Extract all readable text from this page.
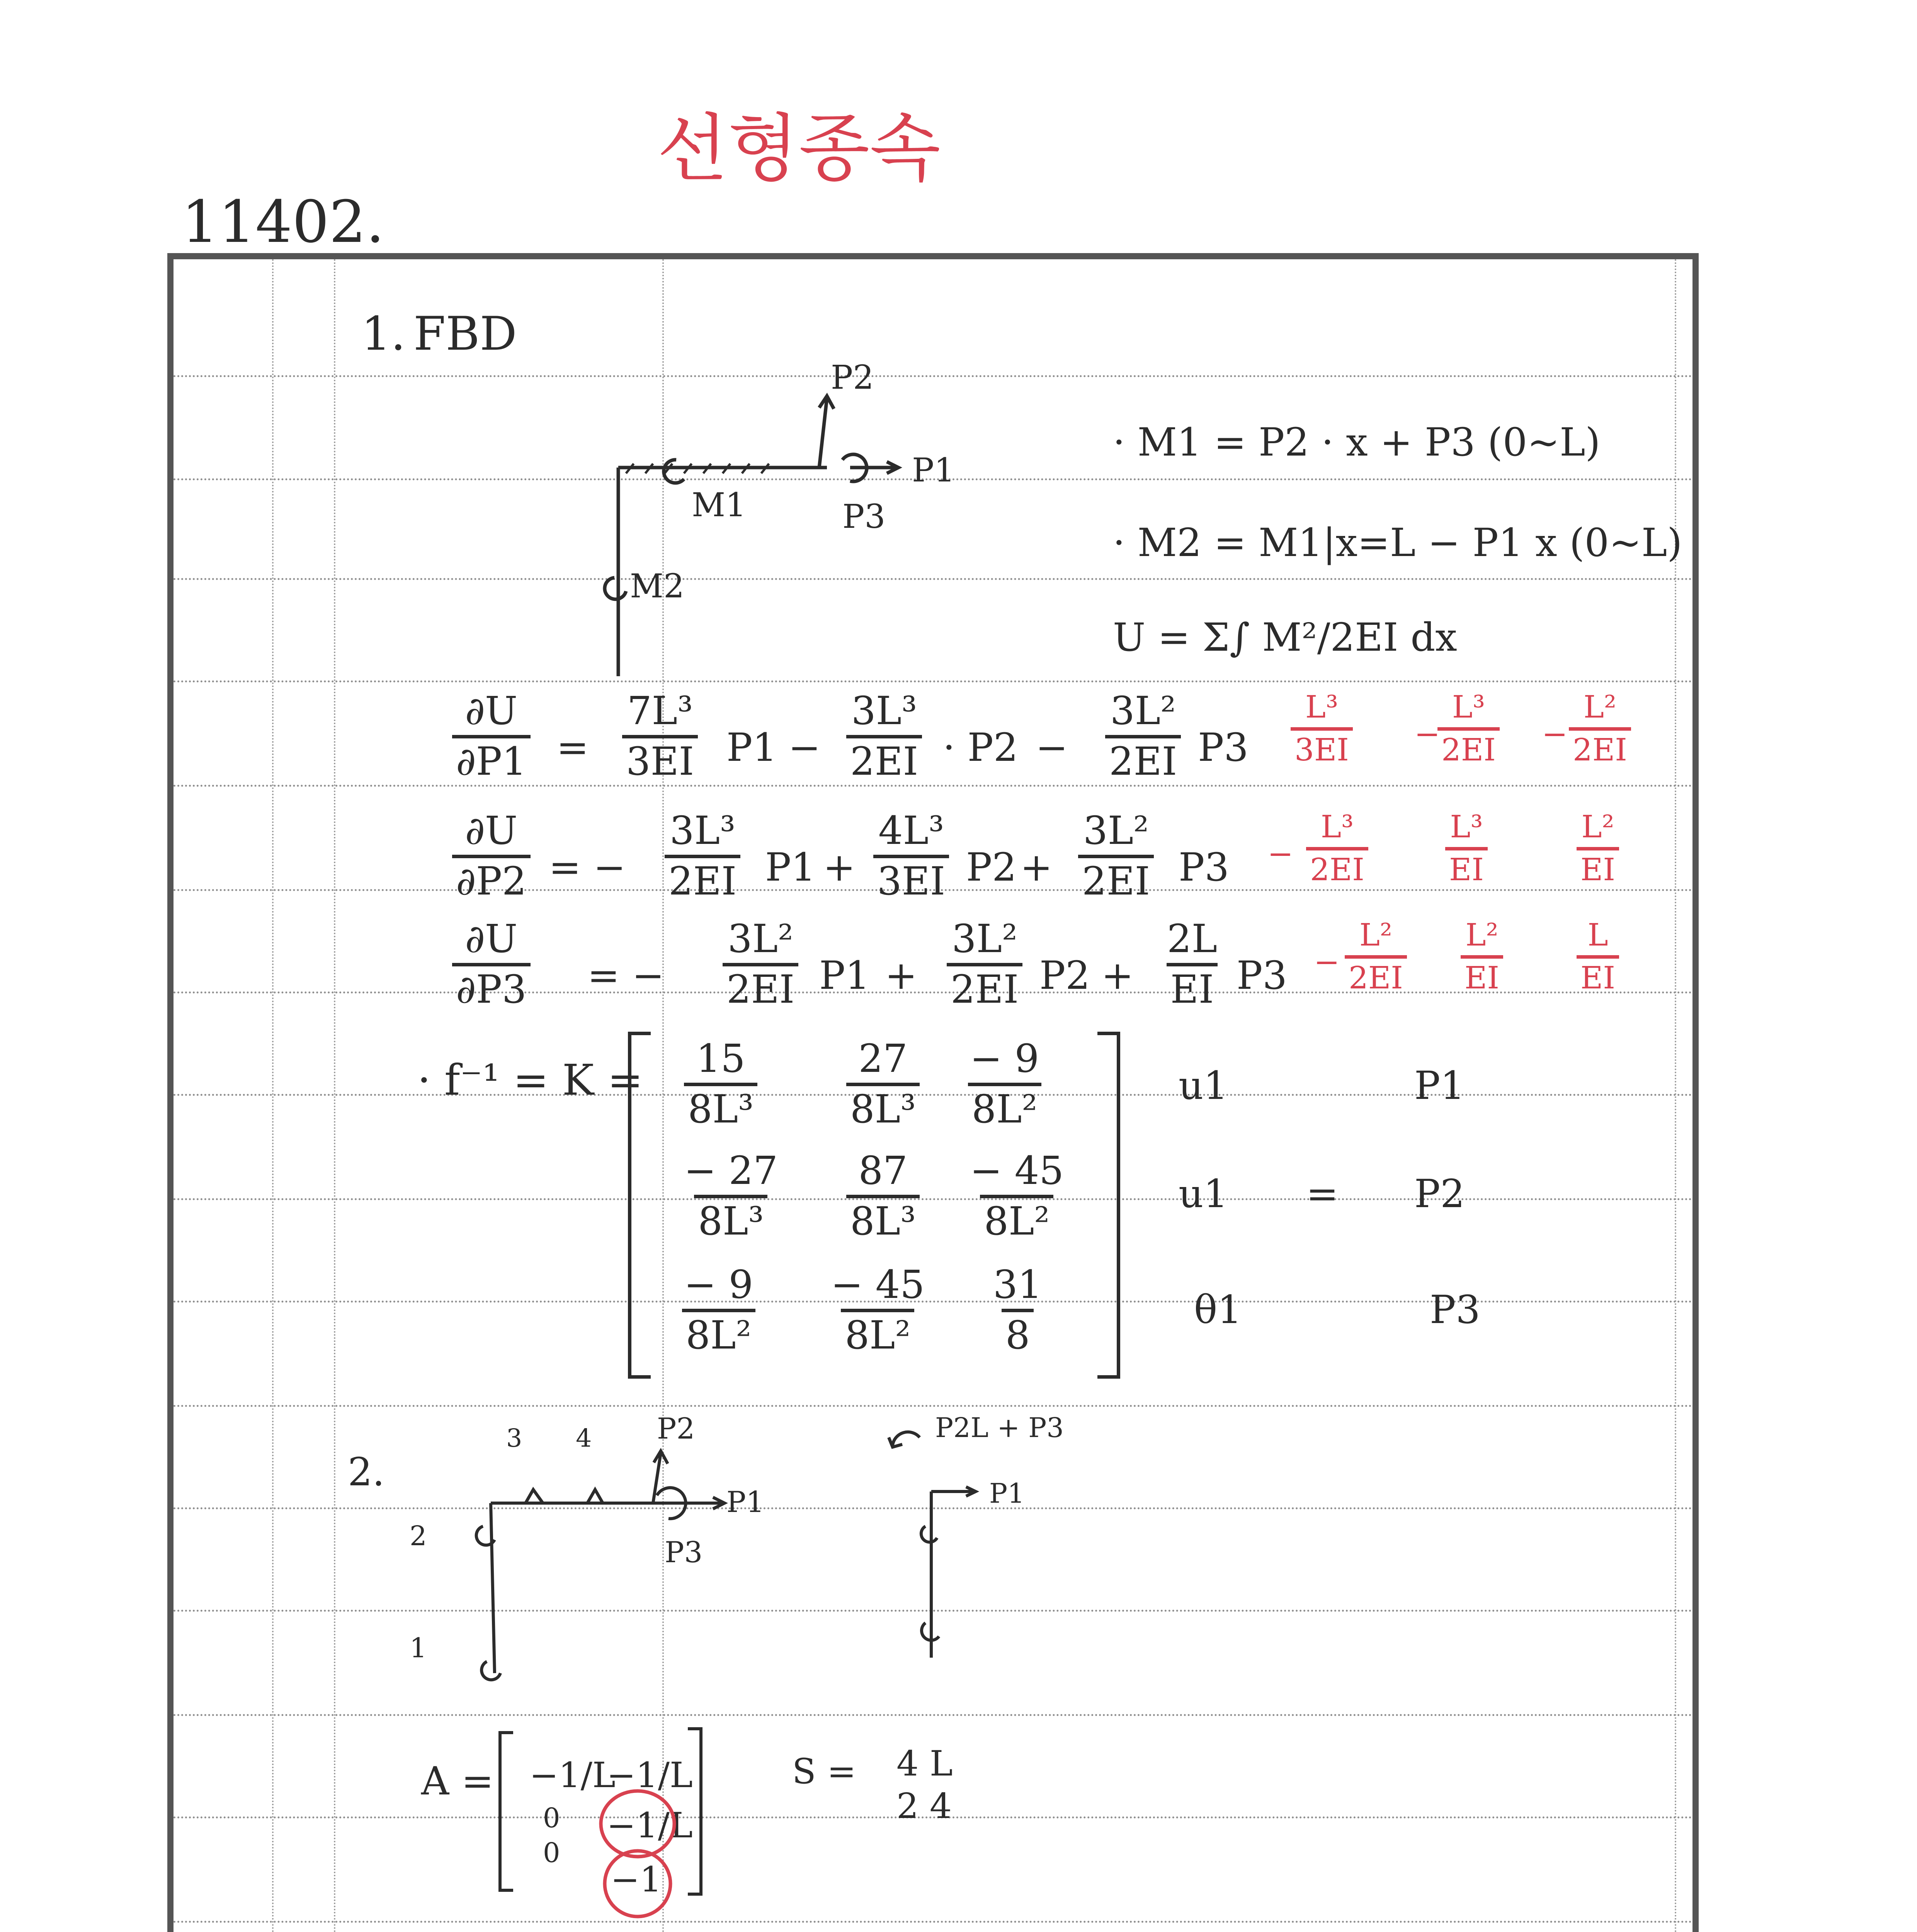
선형종속
11402.
1. FBD
P2
P1
P3
M1
M2
· M1 = P2 · x + P3 (0~L)
· M2 = M1|x=L − P1 x (0~L)
U = Σ∫ M²/2EI dx
$\frac{\partial U}{\partial P1} = \frac{\text{7L³}}{3EI} P1 - \frac{\text{3L³}}{2EI} \cdot P2 - \frac{\text{3L²}}{2EI} P3 \frac{\text{L³}}{3EI}$ −
$\frac{\text{L³}}{2EI} - \frac{\text{L²}}{2EI}$
$\frac{\partial U}{\partial P2}$ = − $\frac{\text{3L³}}{2EI} P1 + \frac{\text{4L³}}{3EI} P2 + \frac{\text{3L²}}{2EI} P3 - \frac{\text{L³}}{2EI} \frac{\text{L³}}{EI}$	$\frac{\text{L²}}{EI}$
$\frac{\partial U}{\partial P3}$ = − $\frac{\text{3L²}}{2EI} P1 + \frac{\text{3L²}}{2EI} P2 + \frac{2L}{EI} P3 - \frac{\text{L²}}{2EI} \frac{\text{L²}}{EI} \frac{L}{EI}$
· $f^{-1} = K = \frac{15}{\text{8L³}} \frac{27}{\text{8L³}} \frac{- 9}{\text{8L²}}$
$\frac{- 27}{\text{8L³}} \frac{87}{\text{8L³}} \frac{- 45}{\text{8L²}}$
$\frac{- 9}{\text{8L²}} \frac{- 45}{\text{8L²}} \frac{31}{8}$
u1
u1
θ1
=
P1
P2
P3
2.
3 4 P2
P1
P3
2
1
P2L + P3
P1
A = −1/L
−1/L
0 −1/L
0
−1
S = 4 L
2 4
